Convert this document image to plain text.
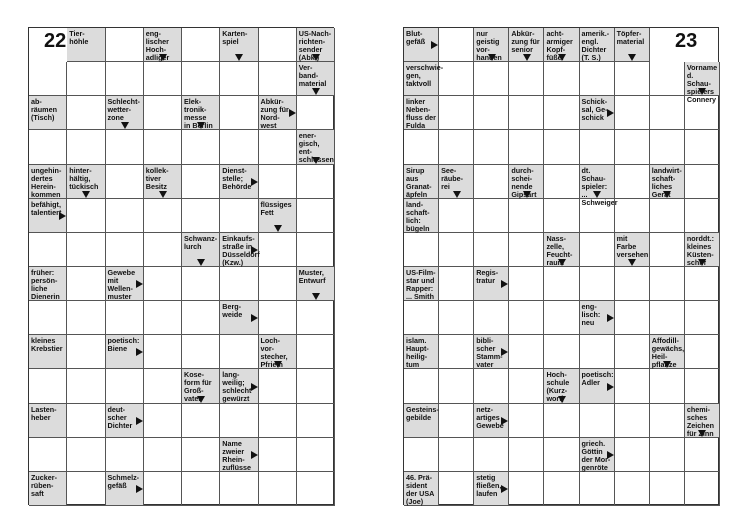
22 Tier-
höhle
eng-
lischer
Hoch-
adliger
Karten-
spiel
US-Nach-
richten-
sender
(Abk.)
Ver-
band-
material
ab-
räumen
(Tisch)
Schlecht-
wetter-
zone
Elek-
tronik-
messe
in Berlin
Abkür-
zung für
Nord-
west
ener-
gisch,
ent-
schlossen
ungehin-
dertes
Herein-
kommen
hinter-
hältig,
tückisch
kollek-
tiver
Besitz
Dienst-
stelle;
Behörde
befähigt,
talentiert
flüssiges
Fett
Schwanz-
lurch
Einkaufs-
straße in
Düsseldorf
(Kzw.)
früher:
persön-
liche
Dienerin
Gewebe
mit
Wellen-
muster
Muster,
Entwurf
Berg-
weide
kleines
Krebstier
poetisch:
Biene
Loch-
vor-
stecher,
Pfriem
Kose-
form für
Groß-
vater
lang-
weilig;
schlecht
gewürzt
Lasten-
heber
deut-
scher
Dichter
Name
zweier
Rhein-
zuflüsse
Zucker-
rüben-
saft
Schmelz-
gefäß
23
Blut-
gefäß
nur
geistig
vor-
handen
Abkür-
zung für
senior
acht-
armiger
Kopf-
füßer
amerik.-
engl.
Dichter
(T. S.)
Töpfer-
material
verschwie-
gen,
taktvoll
Vorname
d. Schau-
spielers
Connery
linker
Neben-
fluss der
Fulda
Schick-
sal, Ge-
schick
Sirup
aus
Granat-
äpfeln
See-
räube-
rei
durch-
schei-
nende
Gipsart
dt.
Schau-
spieler: ...
Schweiger
landwirt-
schaft-
liches
Gerät
land-
schaft-
lich:
bügeln
Nass-
zelle,
Feucht-
raum
mit Farbe
versehen
norddt.:
kleines
Küsten-
schiff
US-Film-
star und
Rapper:
... Smith
Regis-
tratur
eng-
lisch:
neu
islam.
Haupt-
heilig-
tum
bibli-
scher
Stamm-
vater
Affodill-
gewächs,
Heil-
pflanze
Hoch-
schule
(Kurz-
wort)
poetisch:
Adler
Gesteins-
gebilde
netz-
artiges
Gewebe
chemi-
sches
Zeichen
für Zinn
griech.
Göttin
der Mor-
genröte
46. Prä-
sident
der USA
(Joe)
stetig
fließen,
laufen
